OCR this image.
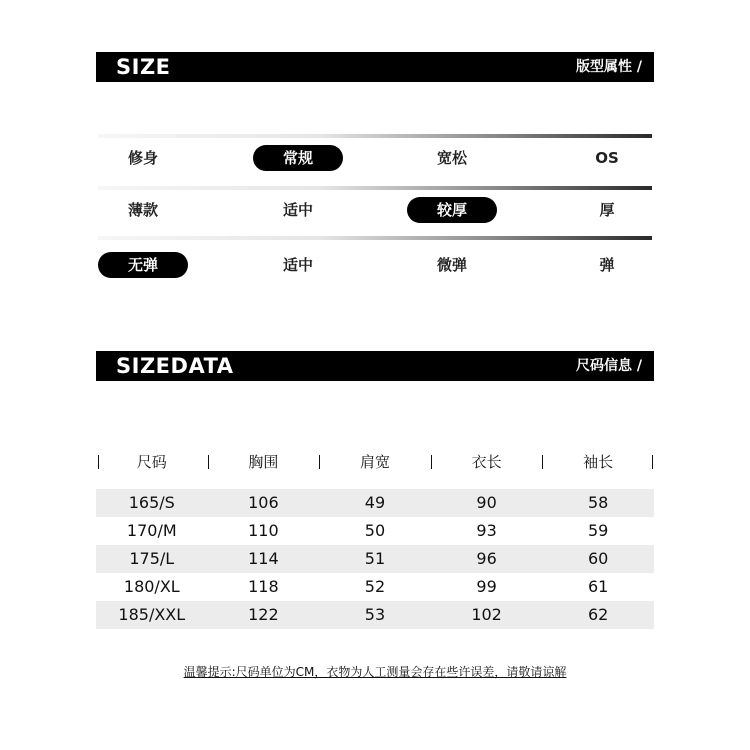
SIZE	版型属性 /
修身	常规	宽松	OS
薄款	适中	较厚	厚
无弹	适中	微弹	弹
SIZEDATA	尺码信息 /
尺码	胸围	肩宽	衣长	袖长
165/S	106	49	90	58
170/M	110	50	93	59
175/L	114	51	96	60
180/XL	118	52	99	61
185/XXL	122	53	102	62
温馨提示:尺码单位为CM，衣物为人工测量会存在些许误差，请敬请谅解
